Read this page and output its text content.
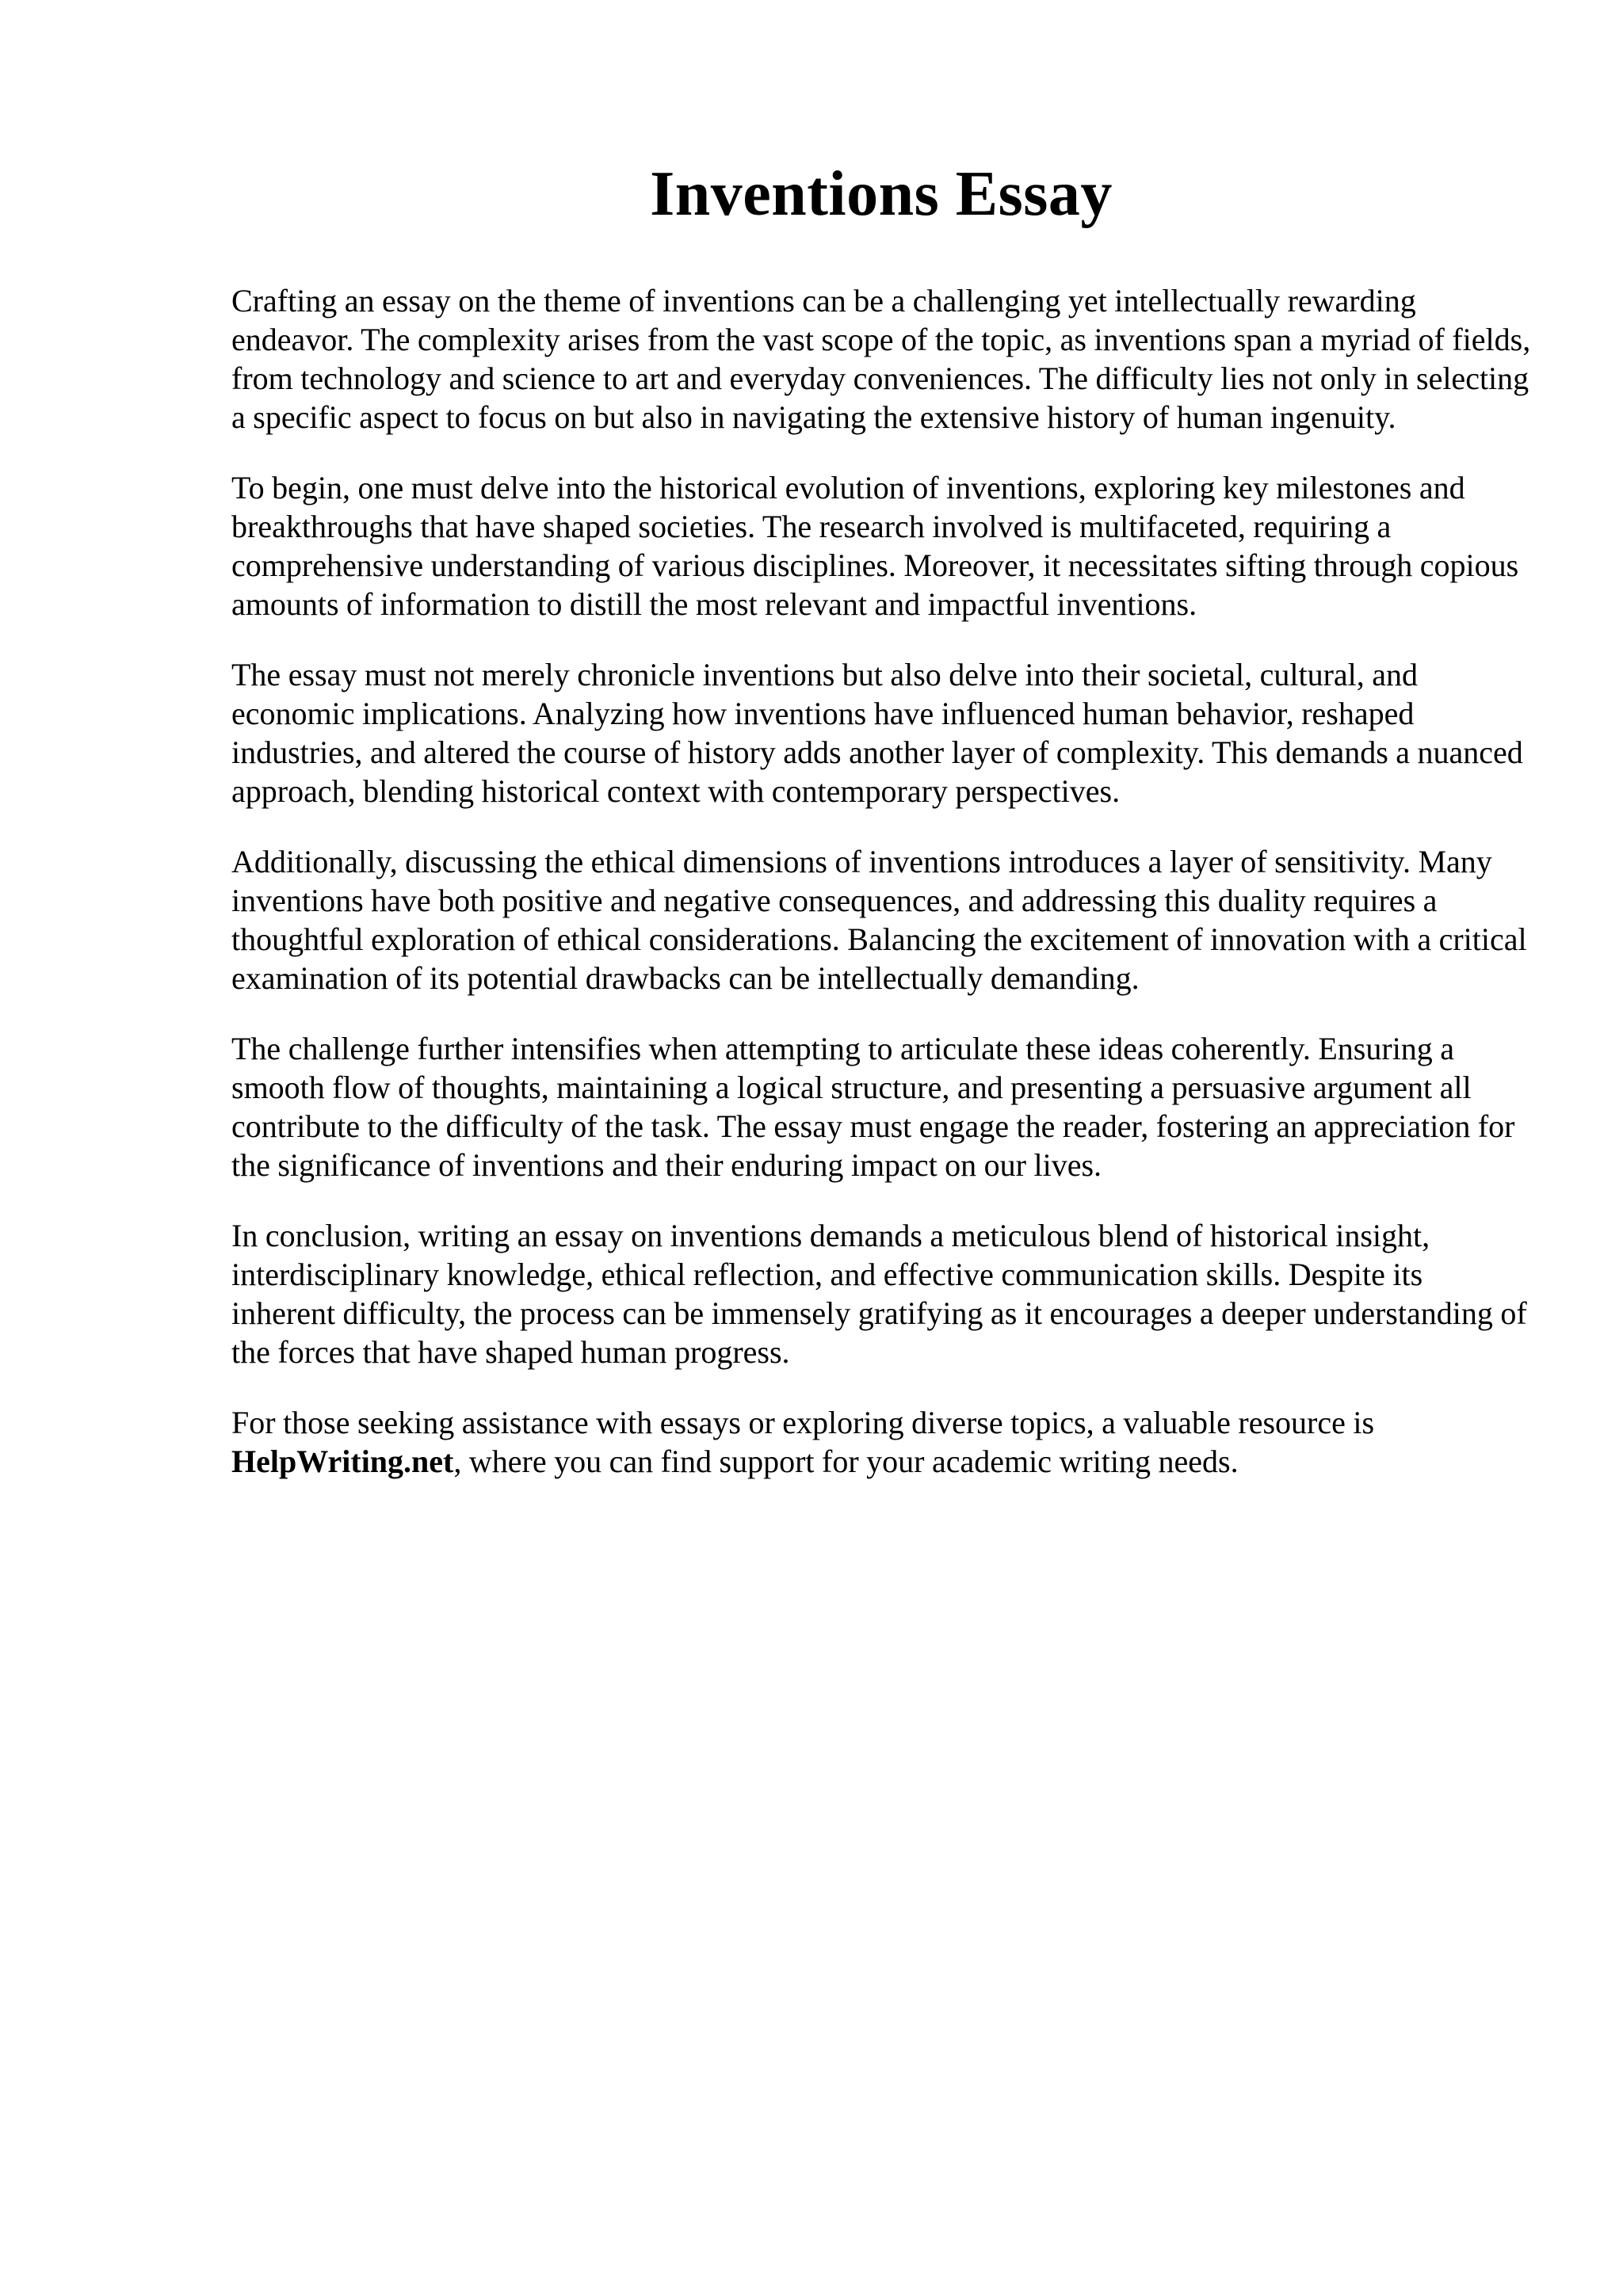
Inventions Essay

Crafting an essay on the theme of inventions can be a challenging yet intellectually rewarding endeavor. The complexity arises from the vast scope of the topic, as inventions span a myriad of fields, from technology and science to art and everyday conveniences. The difficulty lies not only in selecting a specific aspect to focus on but also in navigating the extensive history of human ingenuity.

To begin, one must delve into the historical evolution of inventions, exploring key milestones and breakthroughs that have shaped societies. The research involved is multifaceted, requiring a comprehensive understanding of various disciplines. Moreover, it necessitates sifting through copious amounts of information to distill the most relevant and impactful inventions.

The essay must not merely chronicle inventions but also delve into their societal, cultural, and economic implications. Analyzing how inventions have influenced human behavior, reshaped industries, and altered the course of history adds another layer of complexity. This demands a nuanced approach, blending historical context with contemporary perspectives.

Additionally, discussing the ethical dimensions of inventions introduces a layer of sensitivity. Many inventions have both positive and negative consequences, and addressing this duality requires a thoughtful exploration of ethical considerations. Balancing the excitement of innovation with a critical examination of its potential drawbacks can be intellectually demanding.

The challenge further intensifies when attempting to articulate these ideas coherently. Ensuring a smooth flow of thoughts, maintaining a logical structure, and presenting a persuasive argument all contribute to the difficulty of the task. The essay must engage the reader, fostering an appreciation for the significance of inventions and their enduring impact on our lives.

In conclusion, writing an essay on inventions demands a meticulous blend of historical insight, interdisciplinary knowledge, ethical reflection, and effective communication skills. Despite its inherent difficulty, the process can be immensely gratifying as it encourages a deeper understanding of the forces that have shaped human progress.

For those seeking assistance with essays or exploring diverse topics, a valuable resource is HelpWriting.net, where you can find support for your academic writing needs.
